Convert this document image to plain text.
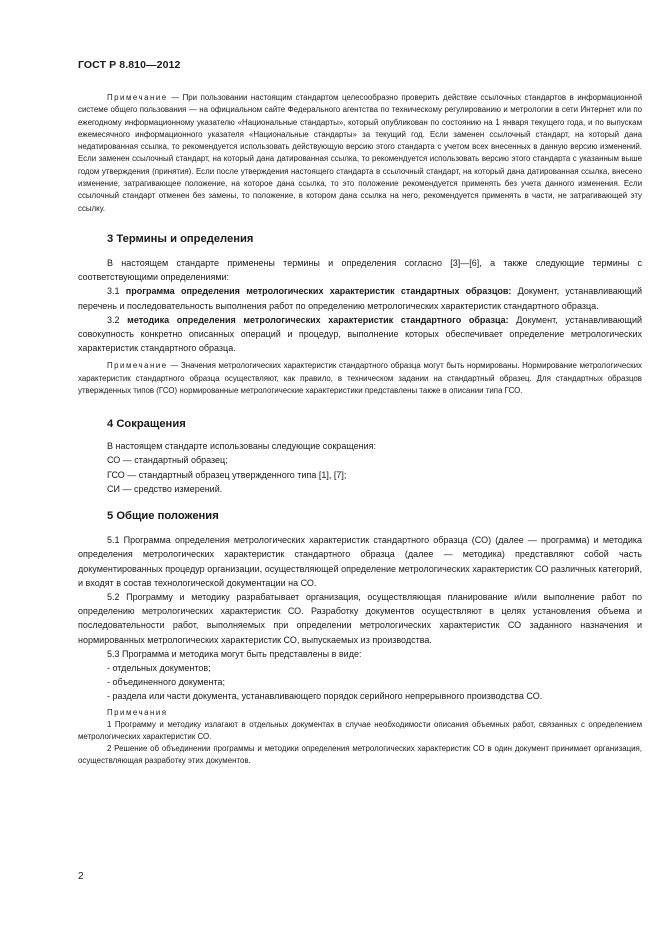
ГОСТ Р 8.810—2012

Примечание — При пользовании настоящим стандартом целесообразно проверить действие ссылочных стандартов в информационной системе общего пользования — на официальном сайте Федерального агентства по техническому регулированию и метрологии в сети Интернет или по ежегодному информационному указателю «Национальные стандарты», который опубликован по состоянию на 1 января текущего года, и по выпускам ежемесячного информационного указателя «Национальные стандарты» за текущий год. Если заменен ссылочный стандарт, на который дана недатированная ссылка, то рекомендуется использовать действующую версию этого стандарта с учетом всех внесенных в данную версию изменений. Если заменен ссылочный стандарт, на который дана датированная ссылка, то рекомендуется использовать версию этого стандарта с указанным выше годом утверждения (принятия). Если после утверждения настоящего стандарта в ссылочный стандарт, на который дана датированная ссылка, внесено изменение, затрагивающее положение, на которое дана ссылка, то это положение рекомендуется применять без учета данного изменения. Если ссылочный стандарт отменен без замены, то положение, в котором дана ссылка на него, рекомендуется применять в части, не затрагивающей эту ссылку.

3 Термины и определения

В настоящем стандарте применены термины и определения согласно [3]—[6], а также следующие термины с соответствующими определениями:

3.1 программа определения метрологических характеристик стандартных образцов: Документ, устанавливающий перечень и последовательность выполнения работ по определению метрологических характеристик стандартного образца.

3.2 методика определения метрологических характеристик стандартного образца: Документ, устанавливающий совокупность конкретно описанных операций и процедур, выполнение которых обеспечивает определение метрологических характеристик стандартного образца.

Примечание — Значения метрологических характеристик стандартного образца могут быть нормированы. Нормирование метрологических характеристик стандартного образца осуществляют, как правило, в техническом задании на стандартный образец. Для стандартных образцов утвержденных типов (ГСО) нормированные метрологические характеристики представлены также в описании типа ГСО.

4 Сокращения

В настоящем стандарте использованы следующие сокращения:

СО — стандартный образец;

ГСО — стандартный образец утвержденного типа [1], [7];

СИ — средство измерений.

5 Общие положения

5.1 Программа определения метрологических характеристик стандартного образца (СО) (далее — программа) и методика определения метрологических характеристик стандартного образца (далее — методика) представляют собой часть документированных процедур организации, осуществляющей определение метрологических характеристик СО различных категорий, и входят в состав технологической документации на СО.

5.2 Программу и методику разрабатывает организация, осуществляющая планирование и/или выполнение работ по определению метрологических характеристик СО. Разработку документов осуществляют в целях установления объема и последовательности работ, выполняемых при определении метрологических характеристик СО заданного назначения и нормированных метрологических характеристик СО, выпускаемых из производства.

5.3 Программа и методика могут быть представлены в виде:

- отдельных документов;

- объединенного документа;

- раздела или части документа, устанавливающего порядок серийного непрерывного производства СО.

Примечания

1 Программу и методику излагают в отдельных документах в случае необходимости описания объемных работ, связанных с определением метрологических характеристик СО.

2 Решение об объединении программы и методики определения метрологических характеристик СО в один документ принимает организация, осуществляющая разработку этих документов.

2
